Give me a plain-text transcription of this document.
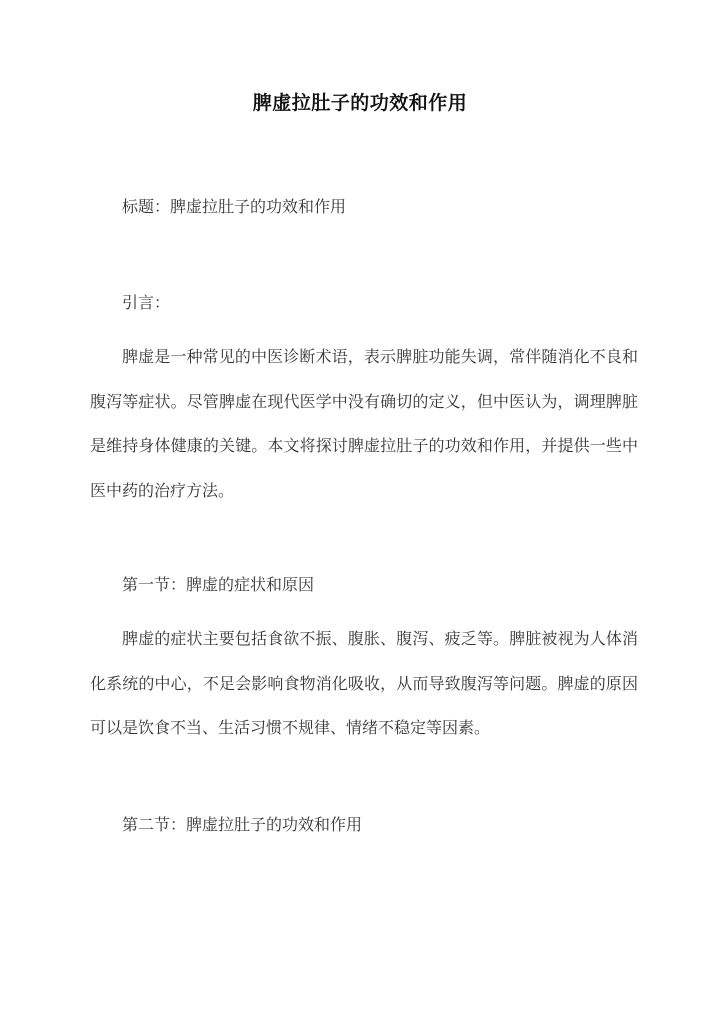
脾虚拉肚子的功效和作用
标题：脾虚拉肚子的功效和作用
引言：

脾虚是一种常见的中医诊断术语，表示脾脏功能失调，常伴随消化不良和腹泻等症状。尽管脾虚在现代医学中没有确切的定义，但中医认为，调理脾脏是维持身体健康的关键。本文将探讨脾虚拉肚子的功效和作用，并提供一些中医中药的治疗方法。

第一节：脾虚的症状和原因

脾虚的症状主要包括食欲不振、腹胀、腹泻、疲乏等。脾脏被视为人体消化系统的中心，不足会影响食物消化吸收，从而导致腹泻等问题。脾虚的原因可以是饮食不当、生活习惯不规律、情绪不稳定等因素。

第二节：脾虚拉肚子的功效和作用
